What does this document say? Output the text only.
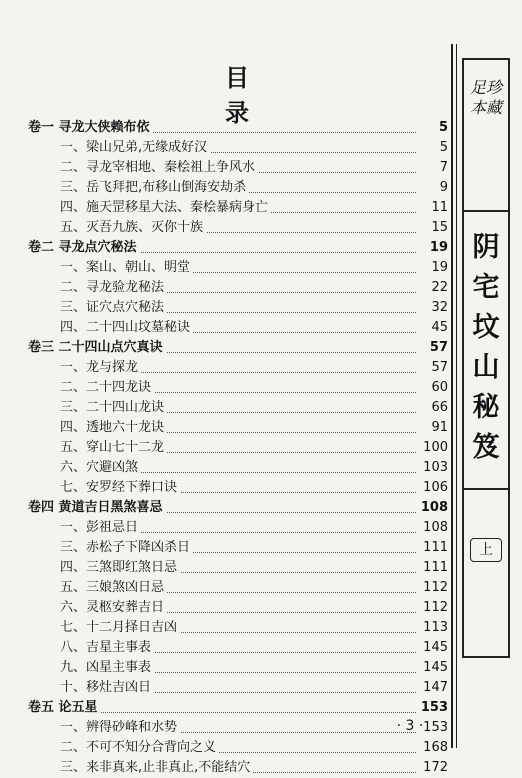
目 录
卷一 寻龙大侠赖布依	5
一、梁山兄弟,无缘成好汉	5
二、寻龙宰相地、秦桧祖上争风水	7
三、岳飞拜把,布移山倒海安劫杀	9
四、施天罡移星大法、秦桧暴病身亡	11
五、灭吾九族、灭你十族	15
卷二 寻龙点穴秘法	19
一、案山、朝山、明堂	19
二、寻龙验龙秘法	22
三、证穴点穴秘法	32
四、二十四山坟墓秘诀	45
卷三 二十四山点穴真诀	57
一、龙与探龙	57
二、二十四龙诀	60
三、二十四山龙诀	66
四、透地六十龙诀	91
五、穿山七十二龙	100
六、穴避凶煞	103
七、安罗经下葬口诀	106
卷四 黄道吉日黑煞喜忌	108
一、彭祖忌日	108
三、赤松子下降凶杀日	111
四、三煞即红煞日忌	111
五、三娘煞凶日忌	112
六、灵柩安葬吉日	112
七、十二月择日吉凶	113
八、吉星主事表	145
九、凶星主事表	145
十、移灶吉凶日	147
卷五 论五星	153
一、辨得砂峰和水势	153
二、不可不知分合背向之义	168
三、来非真来,止非真止,不能结穴	172
足珍本藏
阴宅坟山秘笈
上
· 3 ·
